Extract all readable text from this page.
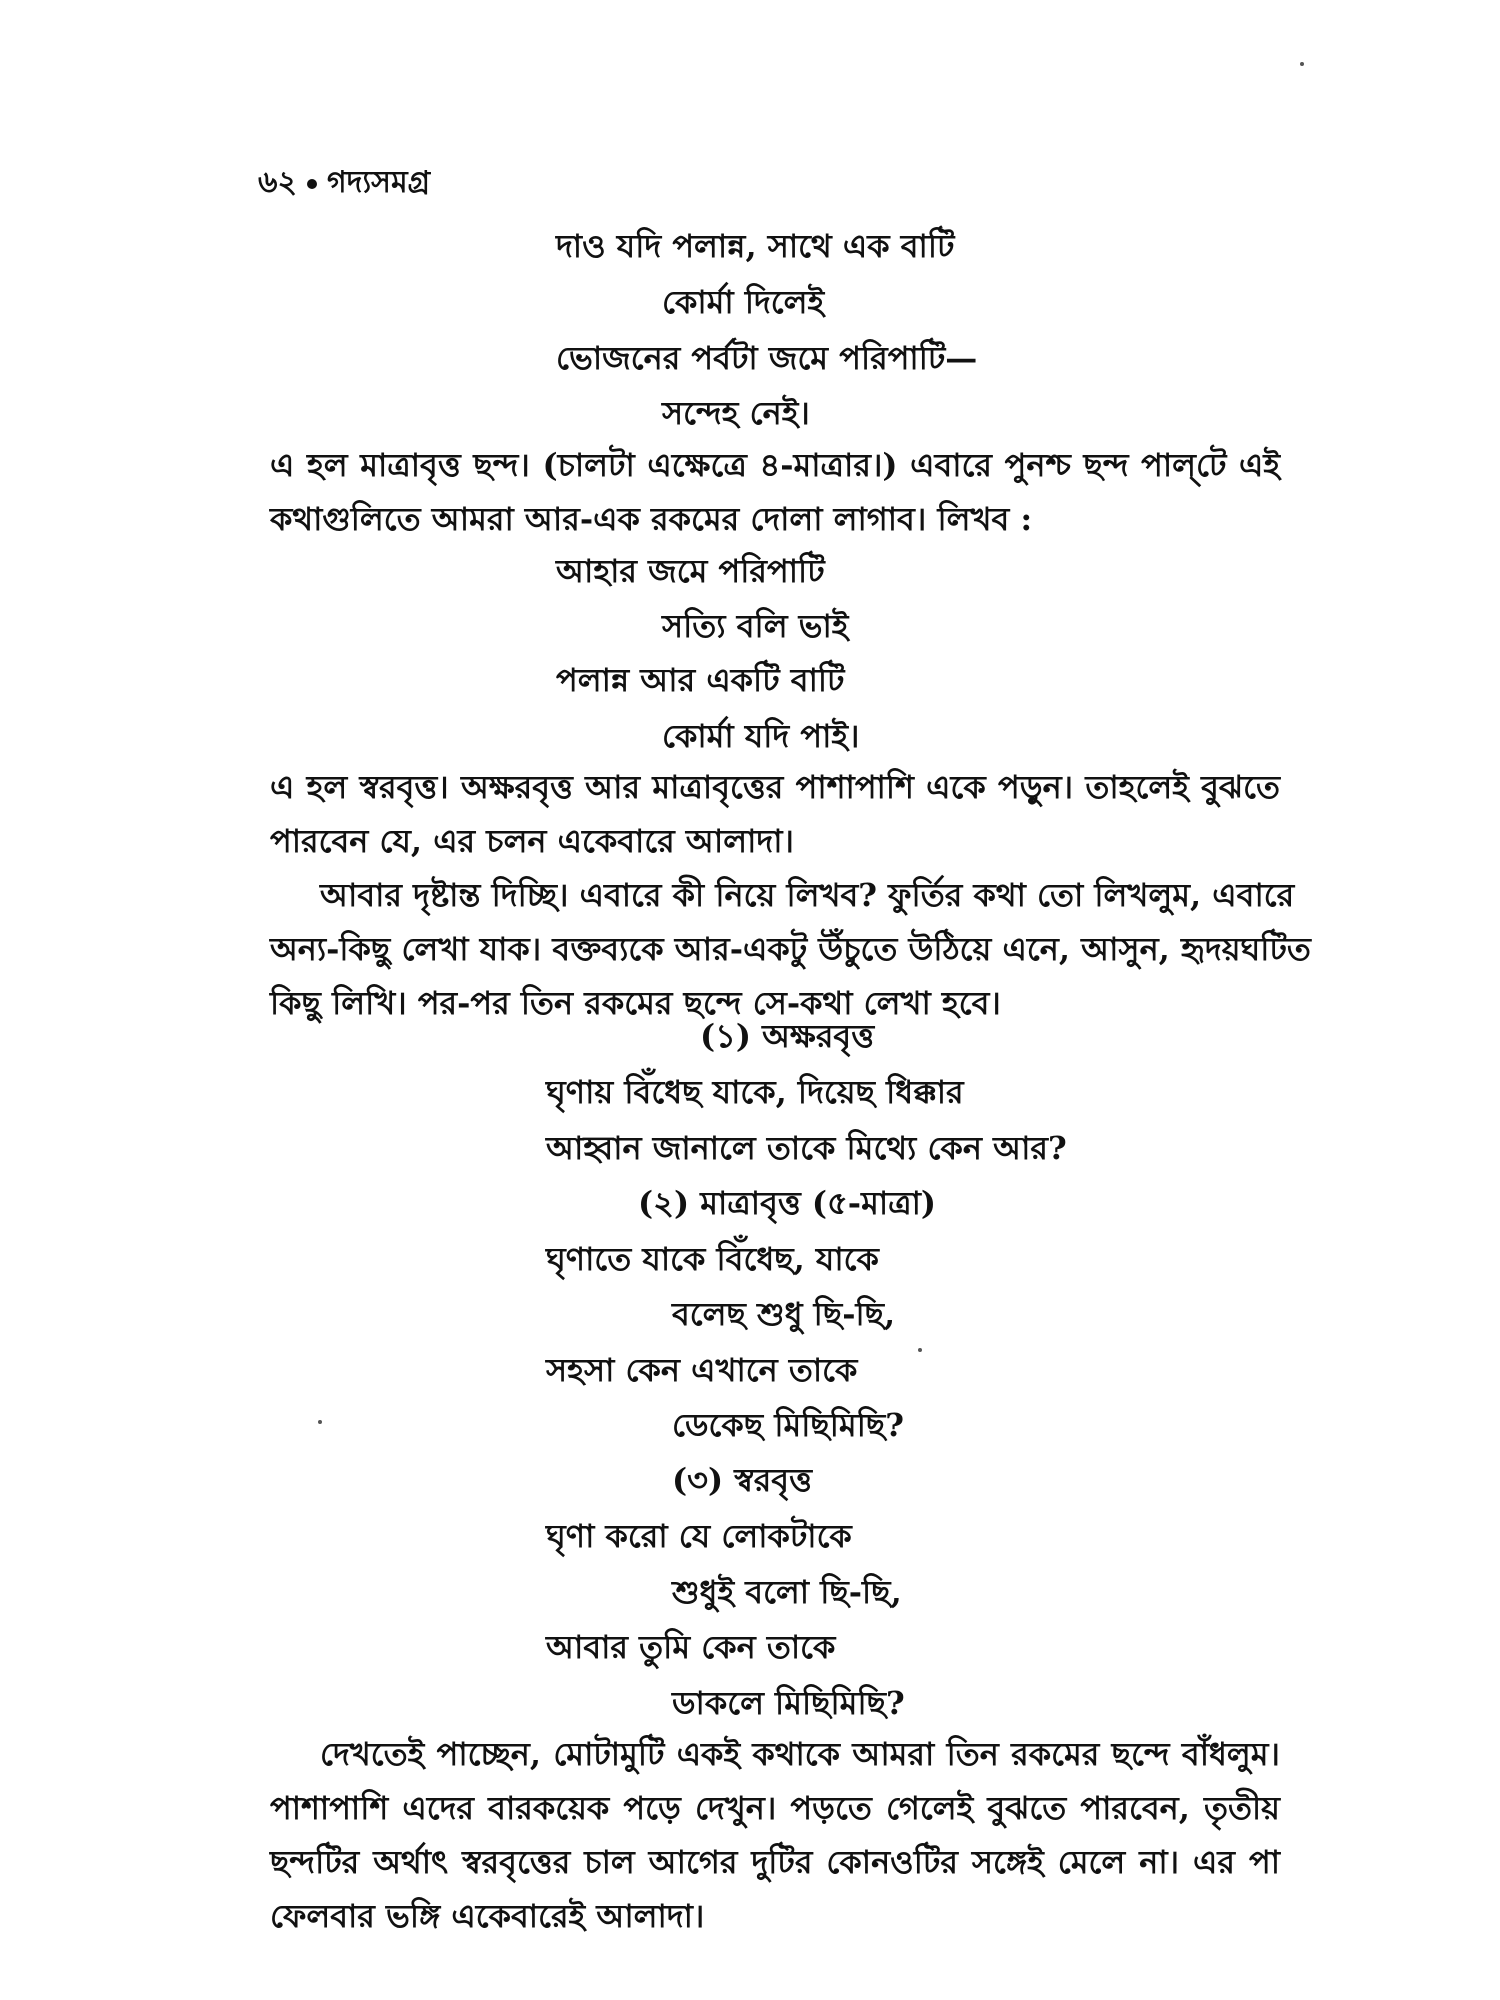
৬২ গদ্যসমগ্র
দাও যদি পলান্ন, সাথে এক বাটি
কোর্মা দিলেই
ভোজনের পর্বটা জমে পরিপাটি—
সন্দেহ নেই।
এ হল মাত্রাবৃত্ত ছন্দ। (চালটা এক্ষেত্রে ৪-মাত্রার।) এবারে পুনশ্চ ছন্দ পাল্‌টে এই
কথাগুলিতে আমরা আর-এক রকমের দোলা লাগাব। লিখব :
আহার জমে পরিপাটি
সত্যি বলি ভাই
পলান্ন আর একটি বাটি
কোর্মা যদি পাই।
এ হল স্বরবৃত্ত। অক্ষরবৃত্ত আর মাত্রাবৃত্তের পাশাপাশি একে পড়ুন। তাহলেই বুঝতে
পারবেন যে, এর চলন একেবারে আলাদা।
আবার দৃষ্টান্ত দিচ্ছি। এবারে কী নিয়ে লিখব? ফুর্তির কথা তো লিখলুম, এবারে
অন্য-কিছু লেখা যাক। বক্তব্যকে আর-একটু উঁচুতে উঠিয়ে এনে, আসুন, হৃদয়ঘটিত
কিছু লিখি। পর-পর তিন রকমের ছন্দে সে-কথা লেখা হবে।
(১) অক্ষরবৃত্ত
ঘৃণায় বিঁধেছ যাকে, দিয়েছ ধিক্কার
আহ্বান জানালে তাকে মিথ্যে কেন আর?
(২) মাত্রাবৃত্ত (৫-মাত্রা)
ঘৃণাতে যাকে বিঁধেছ, যাকে
বলেছ শুধু ছি-ছি,
সহসা কেন এখানে তাকে
ডেকেছ মিছিমিছি?
(৩) স্বরবৃত্ত
ঘৃণা করো যে লোকটাকে
শুধুই বলো ছি-ছি,
আবার তুমি কেন তাকে
ডাকলে মিছিমিছি?
দেখতেই পাচ্ছেন, মোটামুটি একই কথাকে আমরা তিন রকমের ছন্দে বাঁধলুম।
পাশাপাশি এদের বারকয়েক পড়ে দেখুন। পড়তে গেলেই বুঝতে পারবেন, তৃতীয়
ছন্দটির অর্থাৎ স্বরবৃত্তের চাল আগের দুটির কোনওটির সঙ্গেই মেলে না। এর পা
ফেলবার ভঙ্গি একেবারেই আলাদা।
